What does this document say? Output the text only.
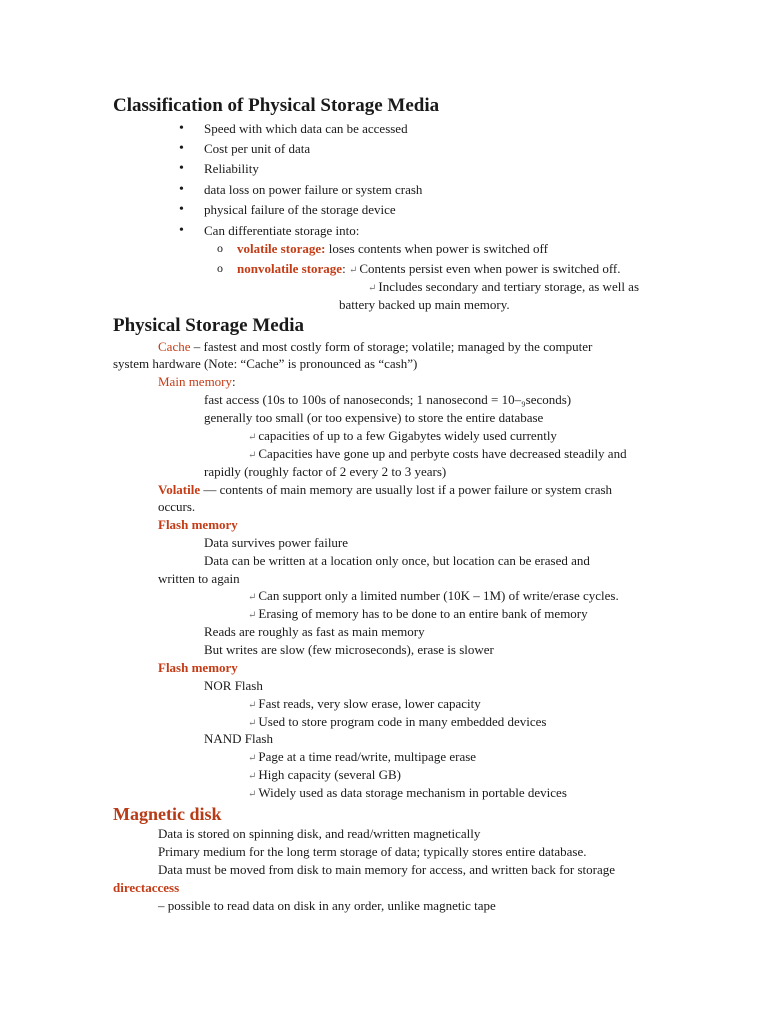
Classification of Physical Storage Media
• Speed with which data can be accessed
• Cost per unit of data
• Reliability
• data loss on power failure or system crash
• physical failure of the storage device
• Can differentiate storage into:
o volatile storage: loses contents when power is switched off
o nonvolatile storage: ↵ Contents persist even when power is switched off.
↵ Includes secondary and tertiary storage, as well as
battery backed up main memory.
Physical Storage Media
Cache – fastest and most costly form of storage; volatile; managed by the computer
system hardware (Note: “Cache” is pronounced as “cash”)
Main memory:
fast access (10s to 100s of nanoseconds; 1 nanosecond = 10–₉seconds)
generally too small (or too expensive) to store the entire database
↵ capacities of up to a few Gigabytes widely used currently
↵ Capacities have gone up and perbyte costs have decreased steadily and
rapidly (roughly factor of 2 every 2 to 3 years)
Volatile — contents of main memory are usually lost if a power failure or system crash
occurs.
Flash memory
Data survives power failure
Data can be written at a location only once, but location can be erased and
written to again
↵ Can support only a limited number (10K – 1M) of write/erase cycles.
↵ Erasing of memory has to be done to an entire bank of memory
Reads are roughly as fast as main memory
But writes are slow (few microseconds), erase is slower
Flash memory
NOR Flash
↵ Fast reads, very slow erase, lower capacity
↵ Used to store program code in many embedded devices
NAND Flash
↵ Page at a time read/write, multipage erase
↵ High capacity (several GB)
↵ Widely used as data storage mechanism in portable devices
Magnetic disk
Data is stored on spinning disk, and read/written magnetically
Primary medium for the long term storage of data; typically stores entire database.
Data must be moved from disk to main memory for access, and written back for storage
directaccess
– possible to read data on disk in any order, unlike magnetic tape
